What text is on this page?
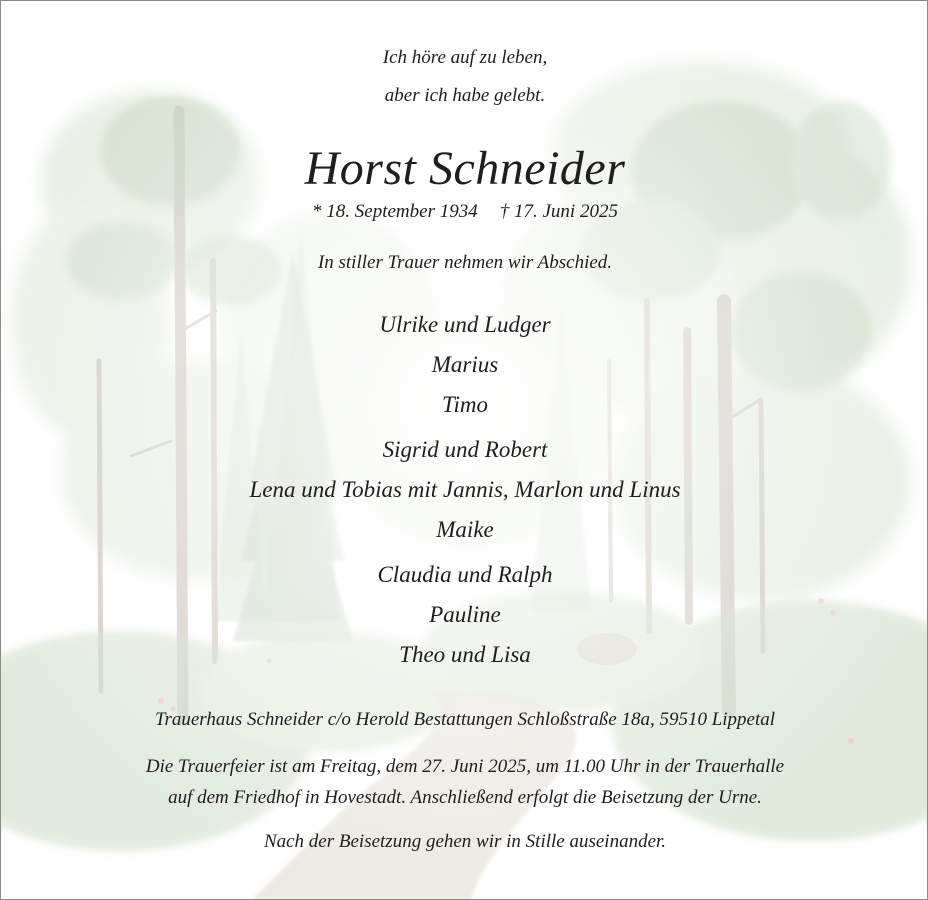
Ich höre auf zu leben,
aber ich habe gelebt.
Horst Schneider
* 18. September 1934 † 17. Juni 2025
In stiller Trauer nehmen wir Abschied.
Ulrike und Ludger
Marius
Timo
Sigrid und Robert
Lena und Tobias mit Jannis, Marlon und Linus
Maike
Claudia und Ralph
Pauline
Theo und Lisa
Trauerhaus Schneider c/o Herold Bestattungen Schloßstraße 18a, 59510 Lippetal
Die Trauerfeier ist am Freitag, dem 27. Juni 2025, um 11.00 Uhr in der Trauerhalle
auf dem Friedhof in Hovestadt. Anschließend erfolgt die Beisetzung der Urne.
Nach der Beisetzung gehen wir in Stille auseinander.
